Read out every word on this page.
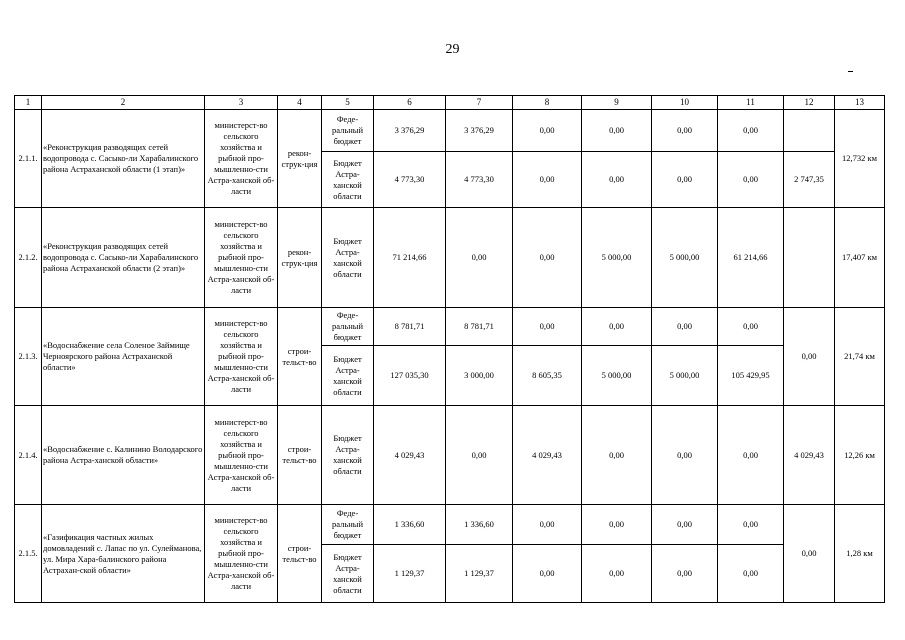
29
1	2	3	4	5	6	7	8	9	10	11	12	13
2.1.1.	«Реконструкция разводящих сетей водопровода с. Сасыко-ли Харабалинского района Астраханской области (1 этап)»	министерст-во сельского хозяйства и рыбной про-мышленно-сти Астра-ханской об-ласти	рекон-струк-ция	Феде-ральный бюджет	3 376,29	3 376,29	0,00	0,00	0,00	0,00		12,732 км
				Бюджет Астра-ханской области	4 773,30	4 773,30	0,00	0,00	0,00	0,00	2 747,35	
2.1.2.	«Реконструкция разводящих сетей водопровода с. Сасыко-ли Харабалинского района Астраханской области (2 этап)»	министерст-во сельского хозяйства и рыбной про-мышленно-сти Астра-ханской об-ласти	рекон-струк-ция	Бюджет Астра-ханской области	71 214,66	0,00	0,00	5 000,00	5 000,00	61 214,66		17,407 км
2.1.3.	«Водоснабжение села Соленое Займище Черноярского района Астраханской области»	министерст-во сельского хозяйства и рыбной про-мышленно-сти Астра-ханской об-ласти	строи-тельст-во	Феде-ральный бюджет	8 781,71	8 781,71	0,00	0,00	0,00	0,00	0,00	21,74 км
				Бюджет Астра-ханской области	127 035,30	3 000,00	8 605,35	5 000,00	5 000,00	105 429,95		
2.1.4.	«Водоснабжение с. Калинино Володарского района Астра-ханской области»	министерст-во сельского хозяйства и рыбной про-мышленно-сти Астра-ханской об-ласти	строи-тельст-во	Бюджет Астра-ханской области	4 029,43	0,00	4 029,43	0,00	0,00	0,00	4 029,43	12,26 км
2.1.5.	«Газификация частных жилых домовладений с. Лапас по ул. Сулейманова, ул. Мира Хара-балинского района Астрахан-ской области»	министерст-во сельского хозяйства и рыбной про-мышленно-сти Астра-ханской об-ласти	строи-тельст-во	Феде-ральный бюджет	1 336,60	1 336,60	0,00	0,00	0,00	0,00	0,00	1,28 км
				Бюджет Астра-ханской области	1 129,37	1 129,37	0,00	0,00	0,00	0,00		
